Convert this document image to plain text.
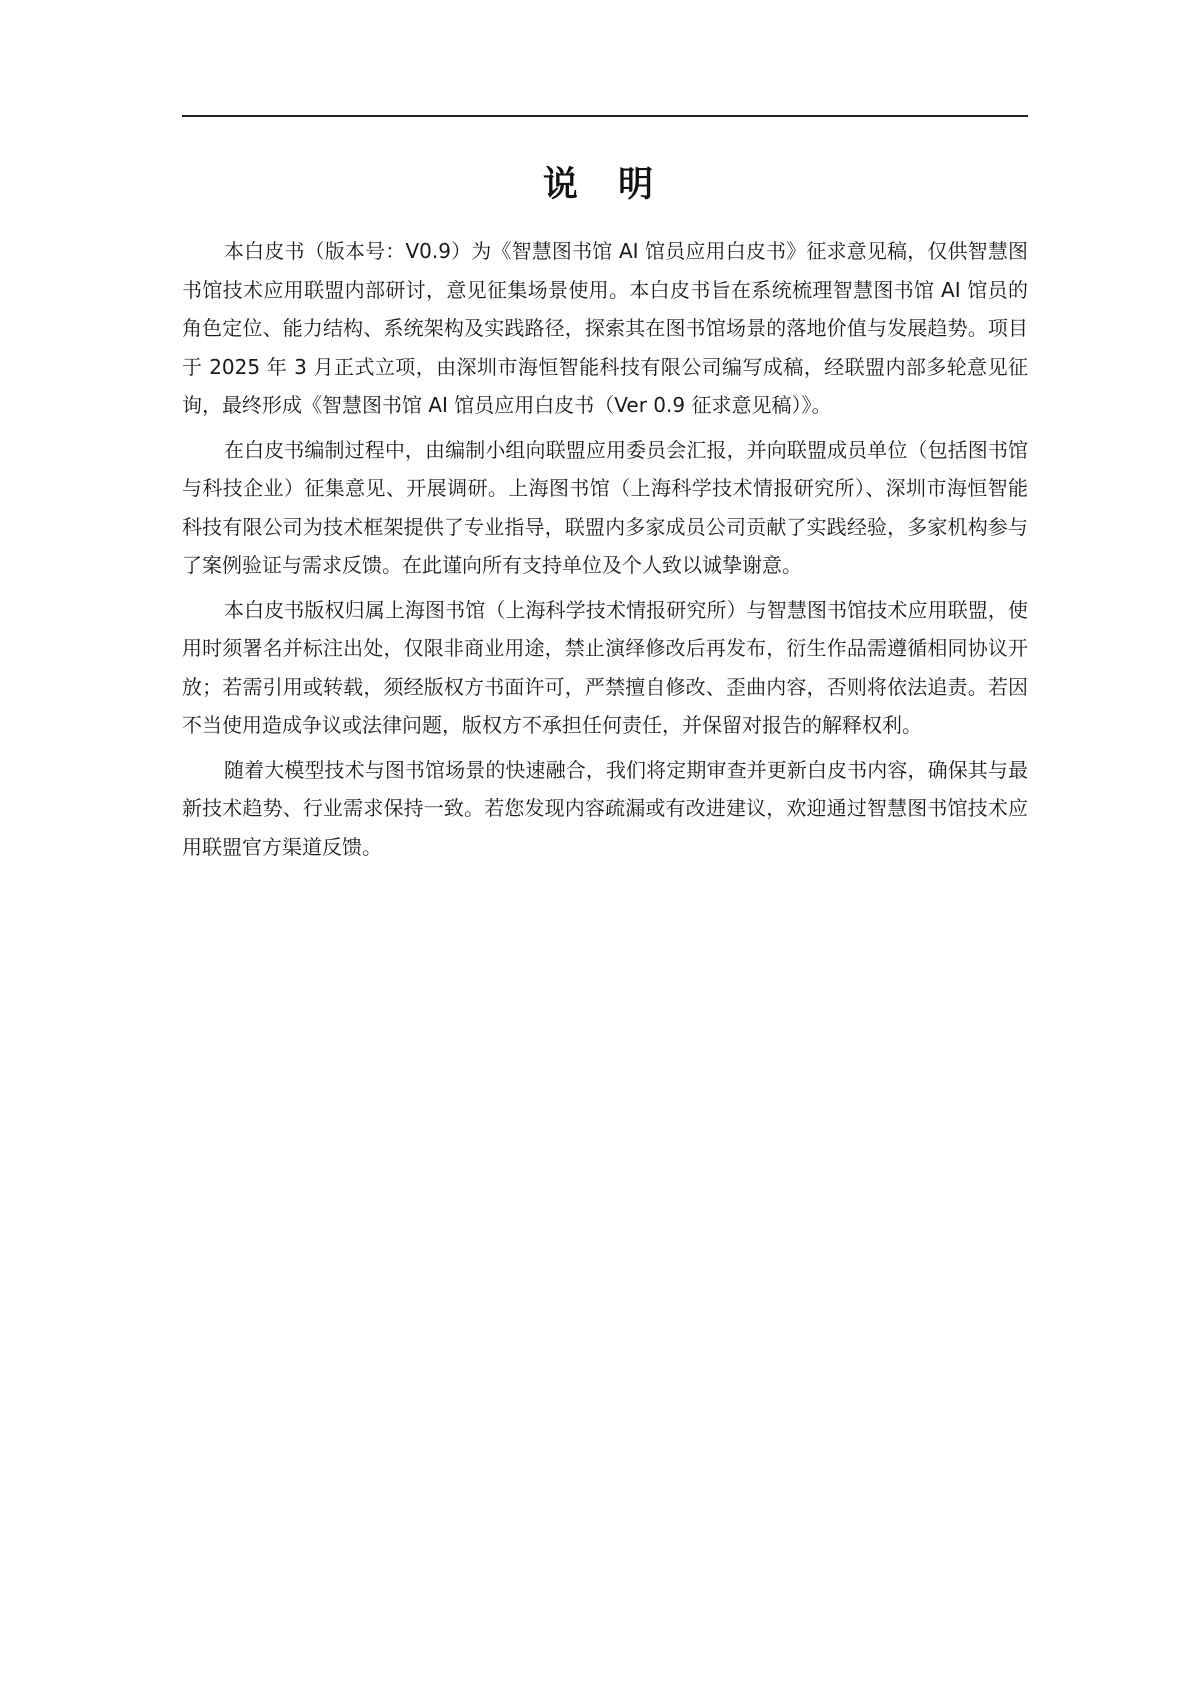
说 明

本白皮书（版本号：V0.9）为《智慧图书馆 AI 馆员应用白皮书》征求意见稿，仅供智慧图书馆技术应用联盟内部研讨，意见征集场景使用。本白皮书旨在系统梳理智慧图书馆 AI 馆员的角色定位、能力结构、系统架构及实践路径，探索其在图书馆场景的落地价值与发展趋势。项目于 2025 年 3 月正式立项，由深圳市海恒智能科技有限公司编写成稿，经联盟内部多轮意见征询，最终形成《智慧图书馆 AI 馆员应用白皮书（Ver 0.9 征求意见稿）》。

在白皮书编制过程中，由编制小组向联盟应用委员会汇报，并向联盟成员单位（包括图书馆与科技企业）征集意见、开展调研。上海图书馆（上海科学技术情报研究所）、深圳市海恒智能科技有限公司为技术框架提供了专业指导，联盟内多家成员公司贡献了实践经验，多家机构参与了案例验证与需求反馈。在此谨向所有支持单位及个人致以诚挚谢意。

本白皮书版权归属上海图书馆（上海科学技术情报研究所）与智慧图书馆技术应用联盟，使用时须署名并标注出处，仅限非商业用途，禁止演绎修改后再发布，衍生作品需遵循相同协议开放；若需引用或转载，须经版权方书面许可，严禁擅自修改、歪曲内容，否则将依法追责。若因不当使用造成争议或法律问题，版权方不承担任何责任，并保留对报告的解释权利。

随着大模型技术与图书馆场景的快速融合，我们将定期审查并更新白皮书内容，确保其与最新技术趋势、行业需求保持一致。若您发现内容疏漏或有改进建议，欢迎通过智慧图书馆技术应用联盟官方渠道反馈。
